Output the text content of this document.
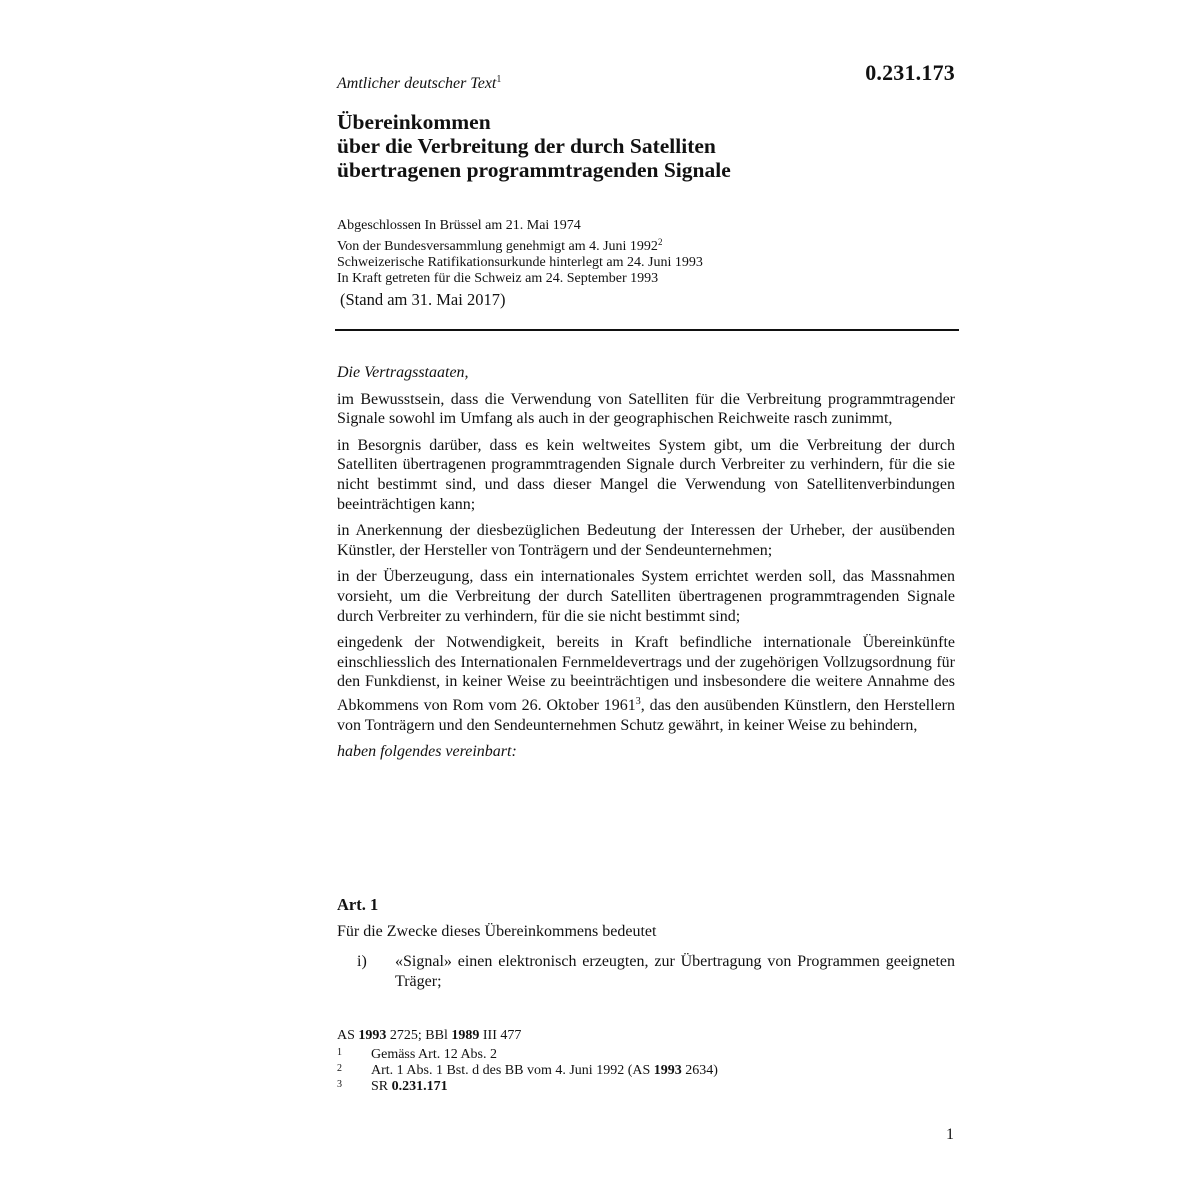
0.231.173
Amtlicher deutscher Text$^1$
Übereinkommen
über die Verbreitung der durch Satelliten
übertragenen programmtragenden Signale
Abgeschlossen In Brüssel am 21. Mai 1974
Von der Bundesversammlung genehmigt am 4. Juni 1992$^2$
Schweizerische Ratifikationsurkunde hinterlegt am 24. Juni 1993
In Kraft getreten für die Schweiz am 24. September 1993
(Stand am 31. Mai 2017)

Die Vertragsstaaten,

im Bewusstsein, dass die Verwendung von Satelliten für die Verbreitung programmtragender Signale sowohl im Umfang als auch in der geographischen Reichweite rasch zunimmt,

in Besorgnis darüber, dass es kein weltweites System gibt, um die Verbreitung der durch Satelliten übertragenen programmtragenden Signale durch Verbreiter zu verhindern, für die sie nicht bestimmt sind, und dass dieser Mangel die Verwendung von Satellitenverbindungen beeinträchtigen kann;

in Anerkennung der diesbezüglichen Bedeutung der Interessen der Urheber, der ausübenden Künstler, der Hersteller von Tonträgern und der Sendeunternehmen;

in der Überzeugung, dass ein internationales System errichtet werden soll, das Massnahmen vorsieht, um die Verbreitung der durch Satelliten übertragenen programmtragenden Signale durch Verbreiter zu verhindern, für die sie nicht bestimmt sind;

eingedenk der Notwendigkeit, bereits in Kraft befindliche internationale Übereinkünfte einschliesslich des Internationalen Fernmeldevertrags und der zugehörigen Vollzugsordnung für den Funkdienst, in keiner Weise zu beeinträchtigen und insbesondere die weitere Annahme des Abkommens von Rom vom 26. Oktober 1961$^3$, das den ausübenden Künstlern, den Herstellern von Tonträgern und den Sendeunternehmen Schutz gewährt, in keiner Weise zu behindern,

haben folgendes vereinbart:

Art. 1
Für die Zwecke dieses Übereinkommens bedeutet
i)	«Signal» einen elektronisch erzeugten, zur Übertragung von Programmen geeigneten Träger;
AS 1993 2725; BBl 1989 III 477
1	Gemäss Art. 12 Abs. 2
2	Art. 1 Abs. 1 Bst. d des BB vom 4. Juni 1992 (AS 1993 2634)
3	SR 0.231.171
1
